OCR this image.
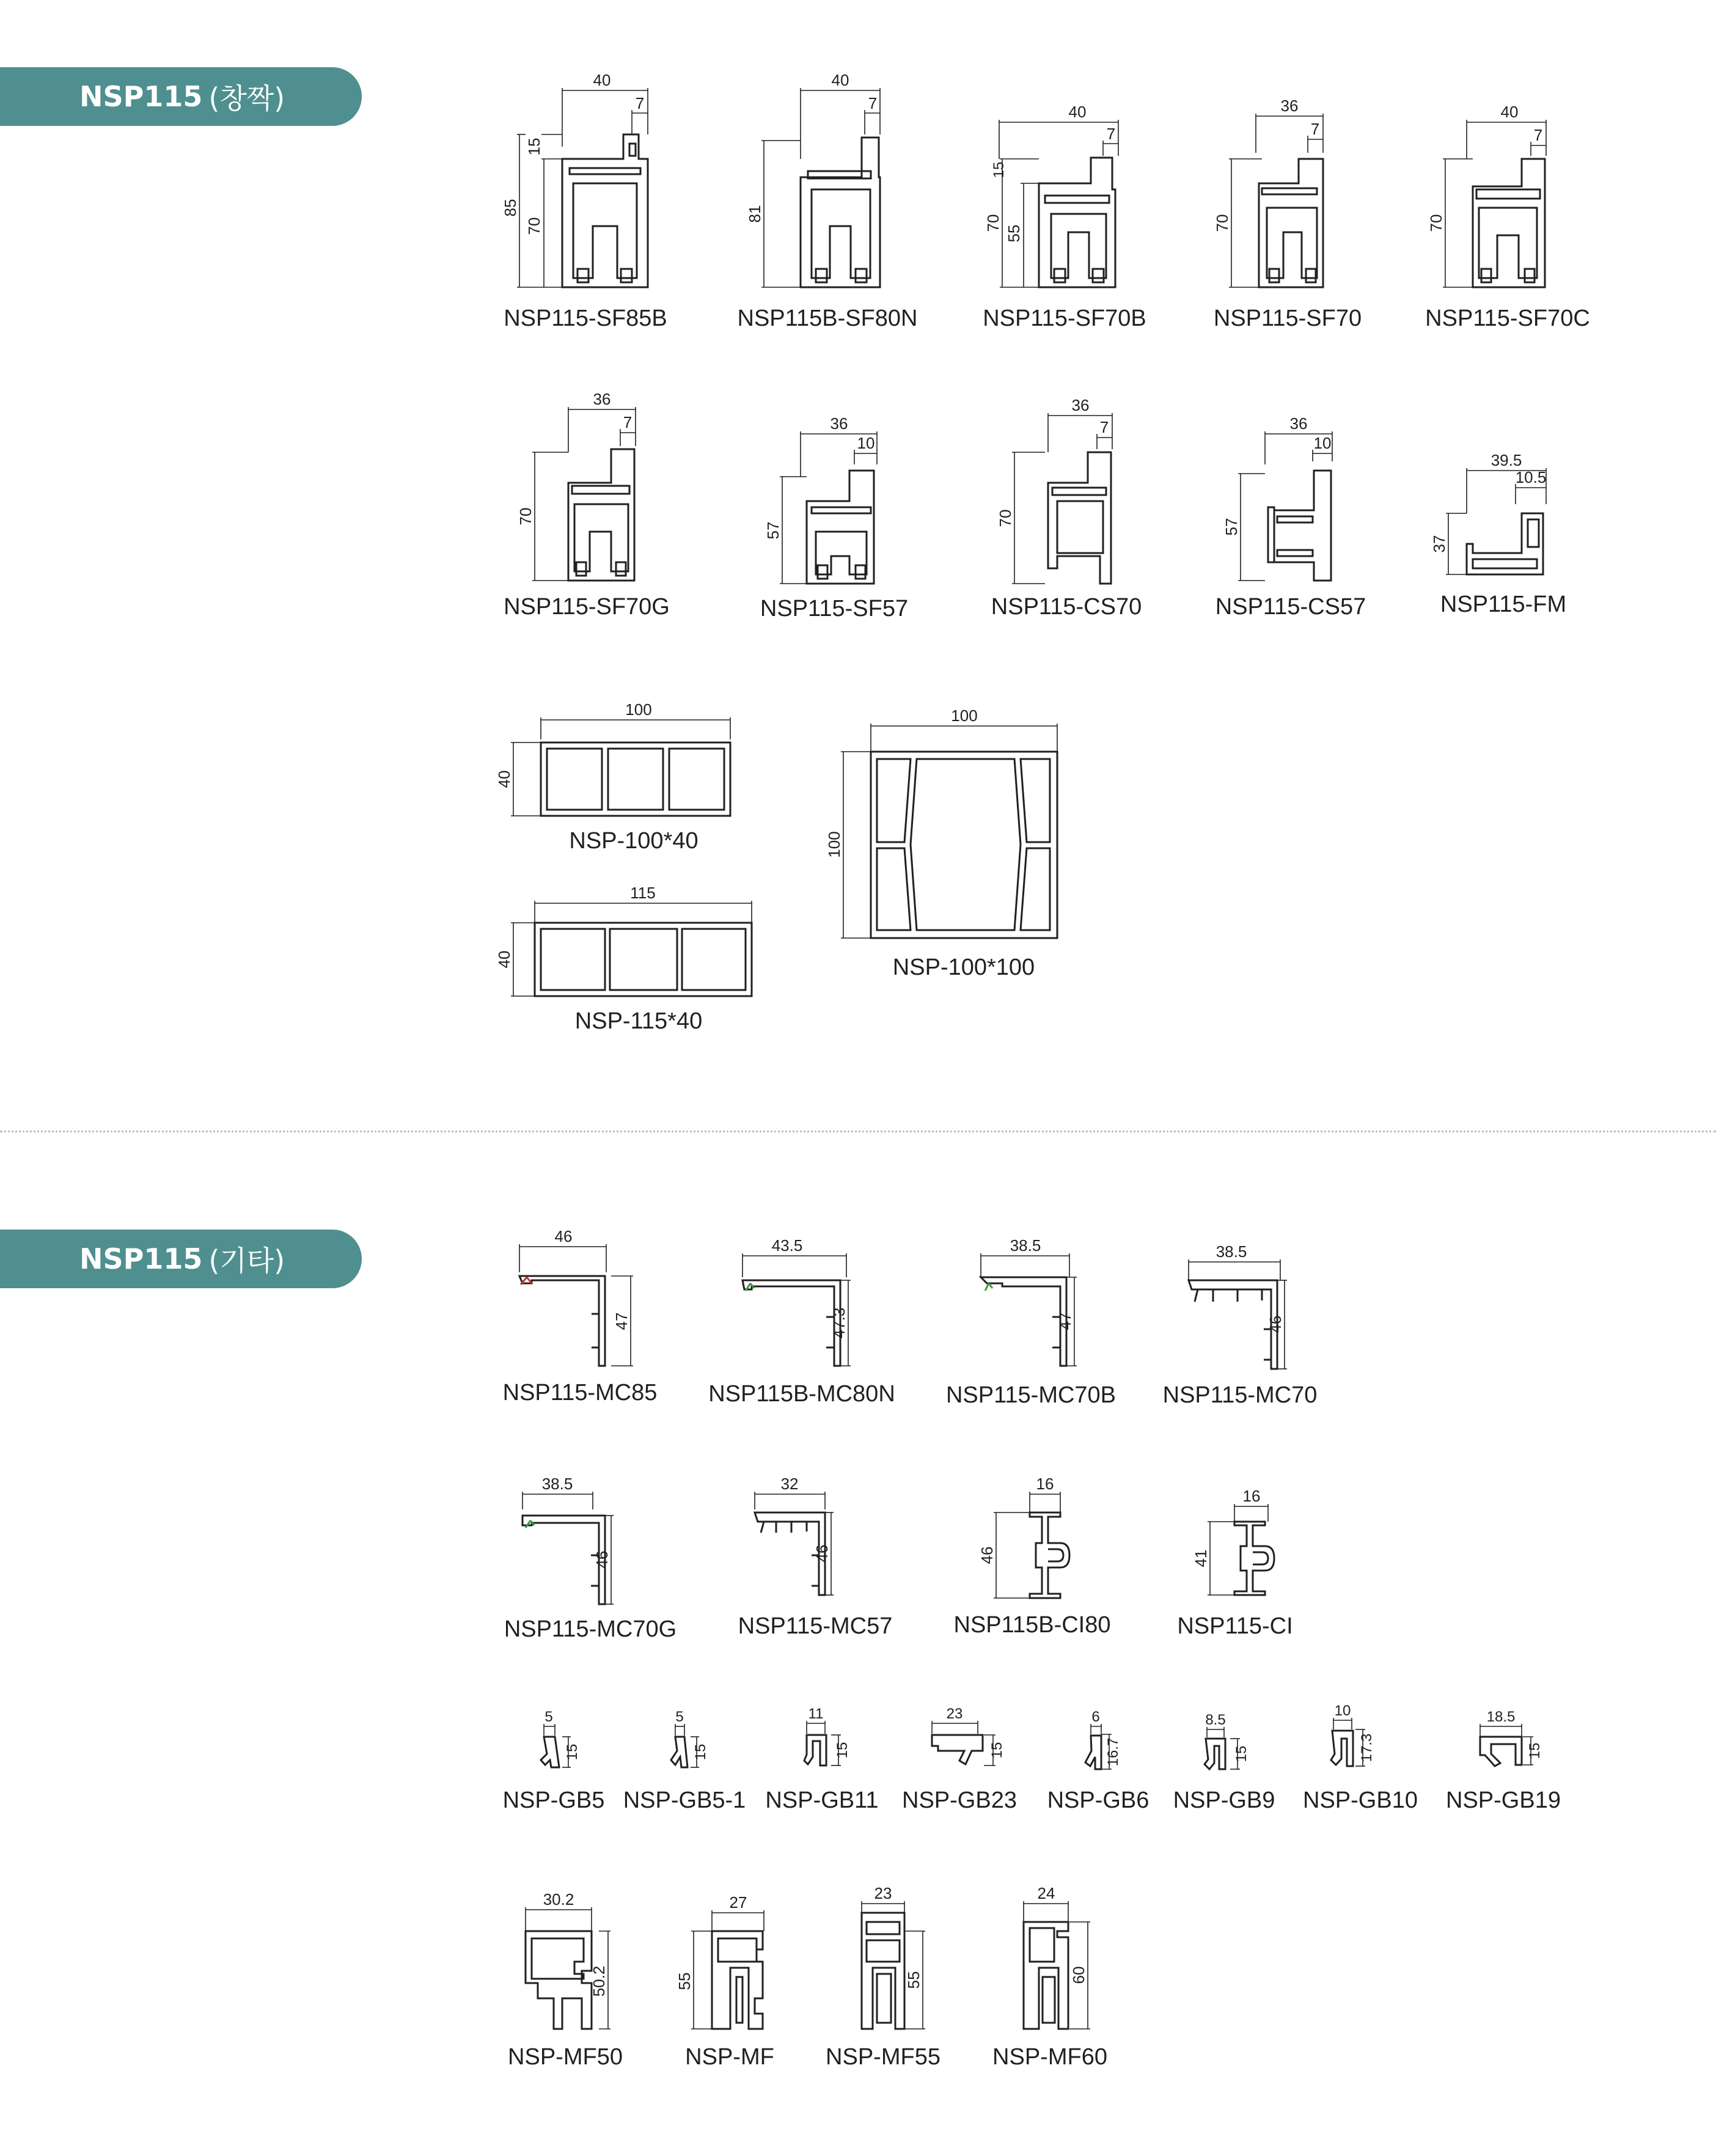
NSP115 (창짝)
NSP115 (기타)
40
7
15
85
70
NSP115-SF85B
40
7
81
NSP115B-SF80N
40
7
15
70
55
NSP115-SF70B
36
7
70
NSP115-SF70
40
7
70
NSP115-SF70C
36
7
70
NSP115-SF70G
36
10
57
NSP115-SF57
36
7
70
NSP115-CS70
36
10
57
NSP115-CS57
39.5
10.5
37
NSP115-FM
100
40
NSP-100*40
115
40
NSP-115*40
100
100
NSP-100*100
46
47
NSP115-MC85
43.5
47.3
NSP115B-MC80N
38.5
47
NSP115-MC70B
38.5
46
NSP115-MC70
38.5
46
NSP115-MC70G
32
46
NSP115-MC57
16
46
NSP115B-CI80
16
41
NSP115-CI
5
15
NSP-GB5
5
15
NSP-GB5-1
11
15
NSP-GB11
23
15
NSP-GB23
6
16.7
NSP-GB6
8.5
15
NSP-GB9
10
17.3
NSP-GB10
18.5
15
NSP-GB19
30.2
50.2
NSP-MF50
27
55
NSP-MF
23
55
NSP-MF55
24
60
NSP-MF60
